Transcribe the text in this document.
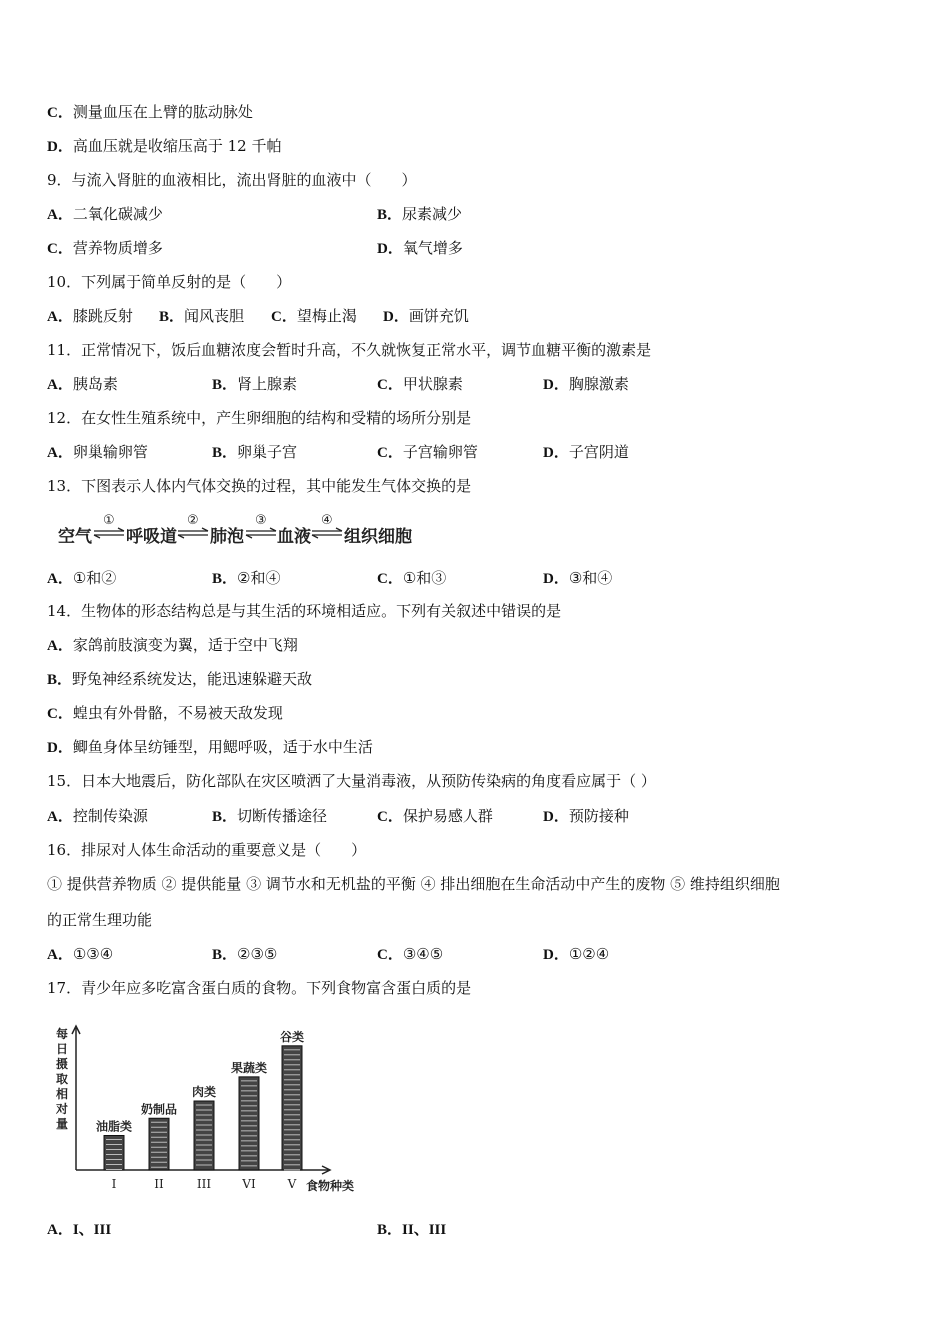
C．测量血压在上臂的肱动脉处
D．高血压就是收缩压高于 12 千帕
9．与流入肾脏的血液相比，流出肾脏的血液中（　　）
A．二氧化碳减少	B．尿素减少
C．营养物质增多	D．氧气增多
10．下列属于简单反射的是（　　）
A．膝跳反射 B．闻风丧胆 C．望梅止渴 D．画饼充饥
11．正常情况下，饭后血糖浓度会暂时升高，不久就恢复正常水平，调节血糖平衡的激素是
A．胰岛素	B．肾上腺素	C．甲状腺素	D．胸腺激素
12．在女性生殖系统中，产生卵细胞的结构和受精的场所分别是
A．卵巢输卵管	B．卵巢子宫	C．子宫输卵管	D．子宫阴道
13．下图表示人体内气体交换的过程，其中能发生气体交换的是
空气
①
呼吸道
②
肺泡
③
血液
④
组织细胞
A．①和②	B．②和④	C．①和③	D．③和④
14．生物体的形态结构总是与其生活的环境相适应。下列有关叙述中错误的是
A．家鸽前肢演变为翼，适于空中飞翔
B．野兔神经系统发达，能迅速躲避天敌
C．蝗虫有外骨骼，不易被天敌发现
D．鲫鱼身体呈纺锤型，用鳃呼吸，适于水中生活
15．日本大地震后，防化部队在灾区喷洒了大量消毒液，从预防传染病的角度看应属于（ ）
A．控制传染源	B．切断传播途径	C．保护易感人群	D．预防接种
16．排尿对人体生命活动的重要意义是（　　）
① 提供营养物质 ② 提供能量 ③ 调节水和无机盐的平衡 ④ 排出细胞在生命活动中产生的废物 ⑤ 维持组织细胞
的正常生理功能
A．①③④	B．②③⑤	C．③④⑤	D．①②④
17．青少年应多吃富含蛋白质的食物。下列食物富含蛋白质的是
每日摄取相对量
食物种类
油脂类
I
奶制品
II
肉类
III
果蔬类
VI
谷类
V
A．I、III	B．II、III
